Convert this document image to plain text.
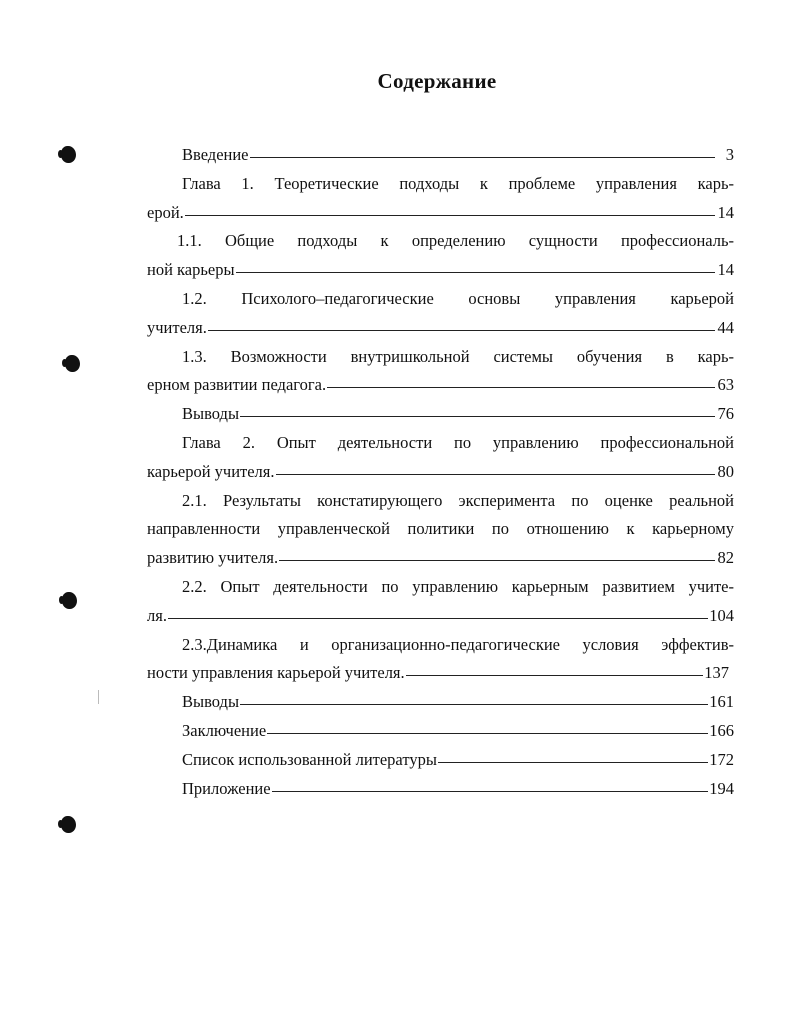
Содержание
Введение	3
Глава 1. Теоретические подходы к проблеме управления карь-
ерой.	14
1.1. Общие подходы к определению сущности профессиональ-
ной карьеры	14
1.2. Психолого–педагогические основы управления карьерой
учителя.	44
1.3. Возможности внутришкольной системы обучения в карь-
ерном развитии педагога.	63
Выводы	76
Глава 2. Опыт деятельности по управлению профессиональной
карьерой учителя.	80
2.1. Результаты констатирующего эксперимента по оценке реальной
направленности управленческой политики по отношению к карьерному
развитию учителя.	82
2.2. Опыт деятельности по управлению карьерным развитием учите-
ля.	104
2.3.Динамика и организационно-педагогические условия эффектив-
ности управления карьерой учителя.	137
Выводы	161
Заключение	166
Список использованной литературы	172
Приложение	194
